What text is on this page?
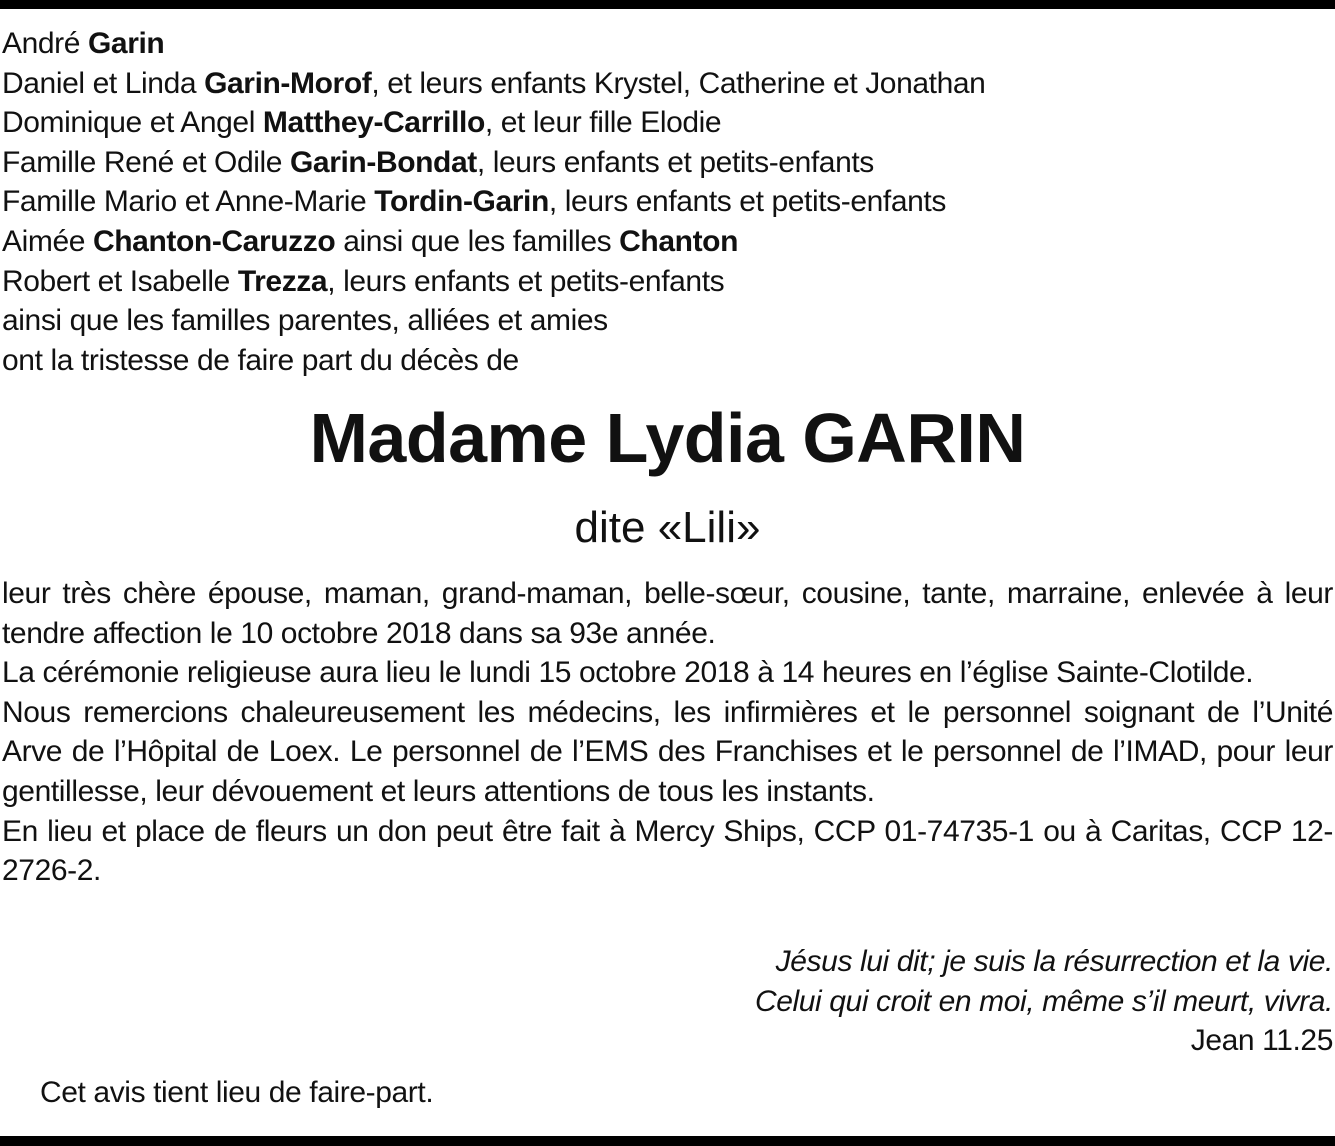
André Garin
Daniel et Linda Garin-Morof, et leurs enfants Krystel, Catherine et Jonathan
Dominique et Angel Matthey-Carrillo, et leur fille Elodie
Famille René et Odile Garin-Bondat, leurs enfants et petits-enfants
Famille Mario et Anne-Marie Tordin-Garin, leurs enfants et petits-enfants
Aimée Chanton-Caruzzo ainsi que les familles Chanton
Robert et Isabelle Trezza, leurs enfants et petits-enfants
ainsi que les familles parentes, alliées et amies
ont la tristesse de faire part du décès de
Madame Lydia GARIN
dite «Lili»

leur très chère épouse, maman, grand-maman, belle-sœur, cousine, tante, marraine, enlevée à leur tendre affection le 10 octobre 2018 dans sa 93e année.

La cérémonie religieuse aura lieu le lundi 15 octobre 2018 à 14 heures en l’église Sainte-Clotilde.

Nous remercions chaleureusement les médecins, les infirmières et le personnel soignant de l’Unité Arve de l’Hôpital de Loex. Le personnel de l’EMS des Franchises et le personnel de l’IMAD, pour leur gentillesse, leur dévouement et leurs attentions de tous les instants.

En lieu et place de fleurs un don peut être fait à Mercy Ships, CCP 01-74735-1 ou à Caritas, CCP 12-2726-2.

Jésus lui dit; je suis la résurrection et la vie.
Celui qui croit en moi, même s’il meurt, vivra.
Jean 11.25
Cet avis tient lieu de faire-part.
